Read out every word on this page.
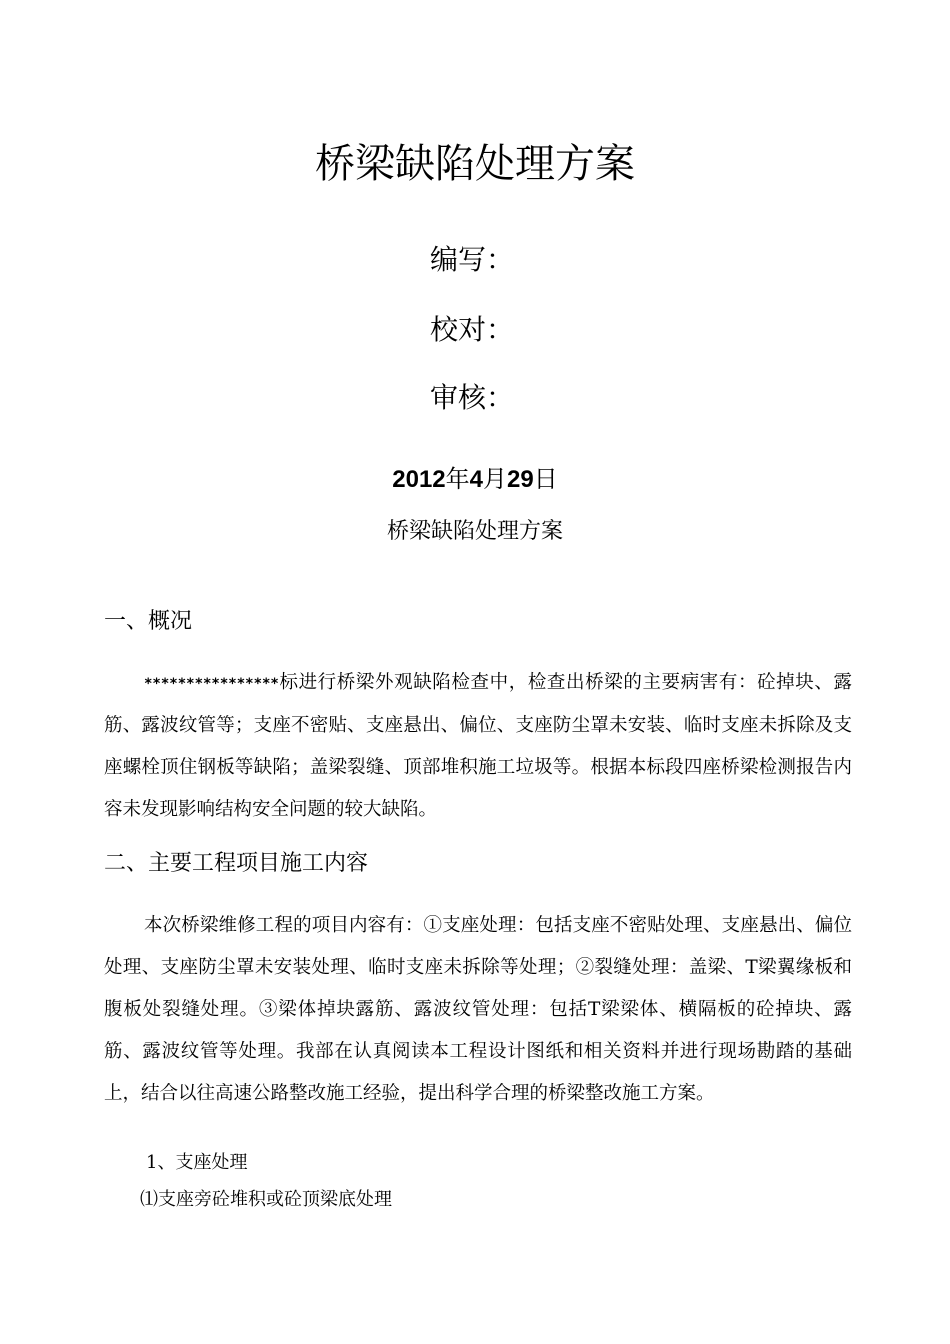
桥梁缺陷处理方案
编写：
校对：
审核：
2012年4月29日
桥梁缺陷处理方案
一、概况

****************标进行桥梁外观缺陷检查中，检查出桥梁的主要病害有：砼掉块、露筋、露波纹管等；支座不密贴、支座悬出、偏位、支座防尘罩未安装、临时支座未拆除及支座螺栓顶住钢板等缺陷；盖梁裂缝、顶部堆积施工垃圾等。根据本标段四座桥梁检测报告内容未发现影响结构安全问题的较大缺陷。

二、主要工程项目施工内容

本次桥梁维修工程的项目内容有：①支座处理：包括支座不密贴处理、支座悬出、偏位处理、支座防尘罩未安装处理、临时支座未拆除等处理；②裂缝处理：盖梁、T梁翼缘板和腹板处裂缝处理。③梁体掉块露筋、露波纹管处理：包括T梁梁体、横隔板的砼掉块、露筋、露波纹管等处理。我部在认真阅读本工程设计图纸和相关资料并进行现场勘踏的基础上，结合以往高速公路整改施工经验，提出科学合理的桥梁整改施工方案。

1、支座处理
⑴支座旁砼堆积或砼顶梁底处理
